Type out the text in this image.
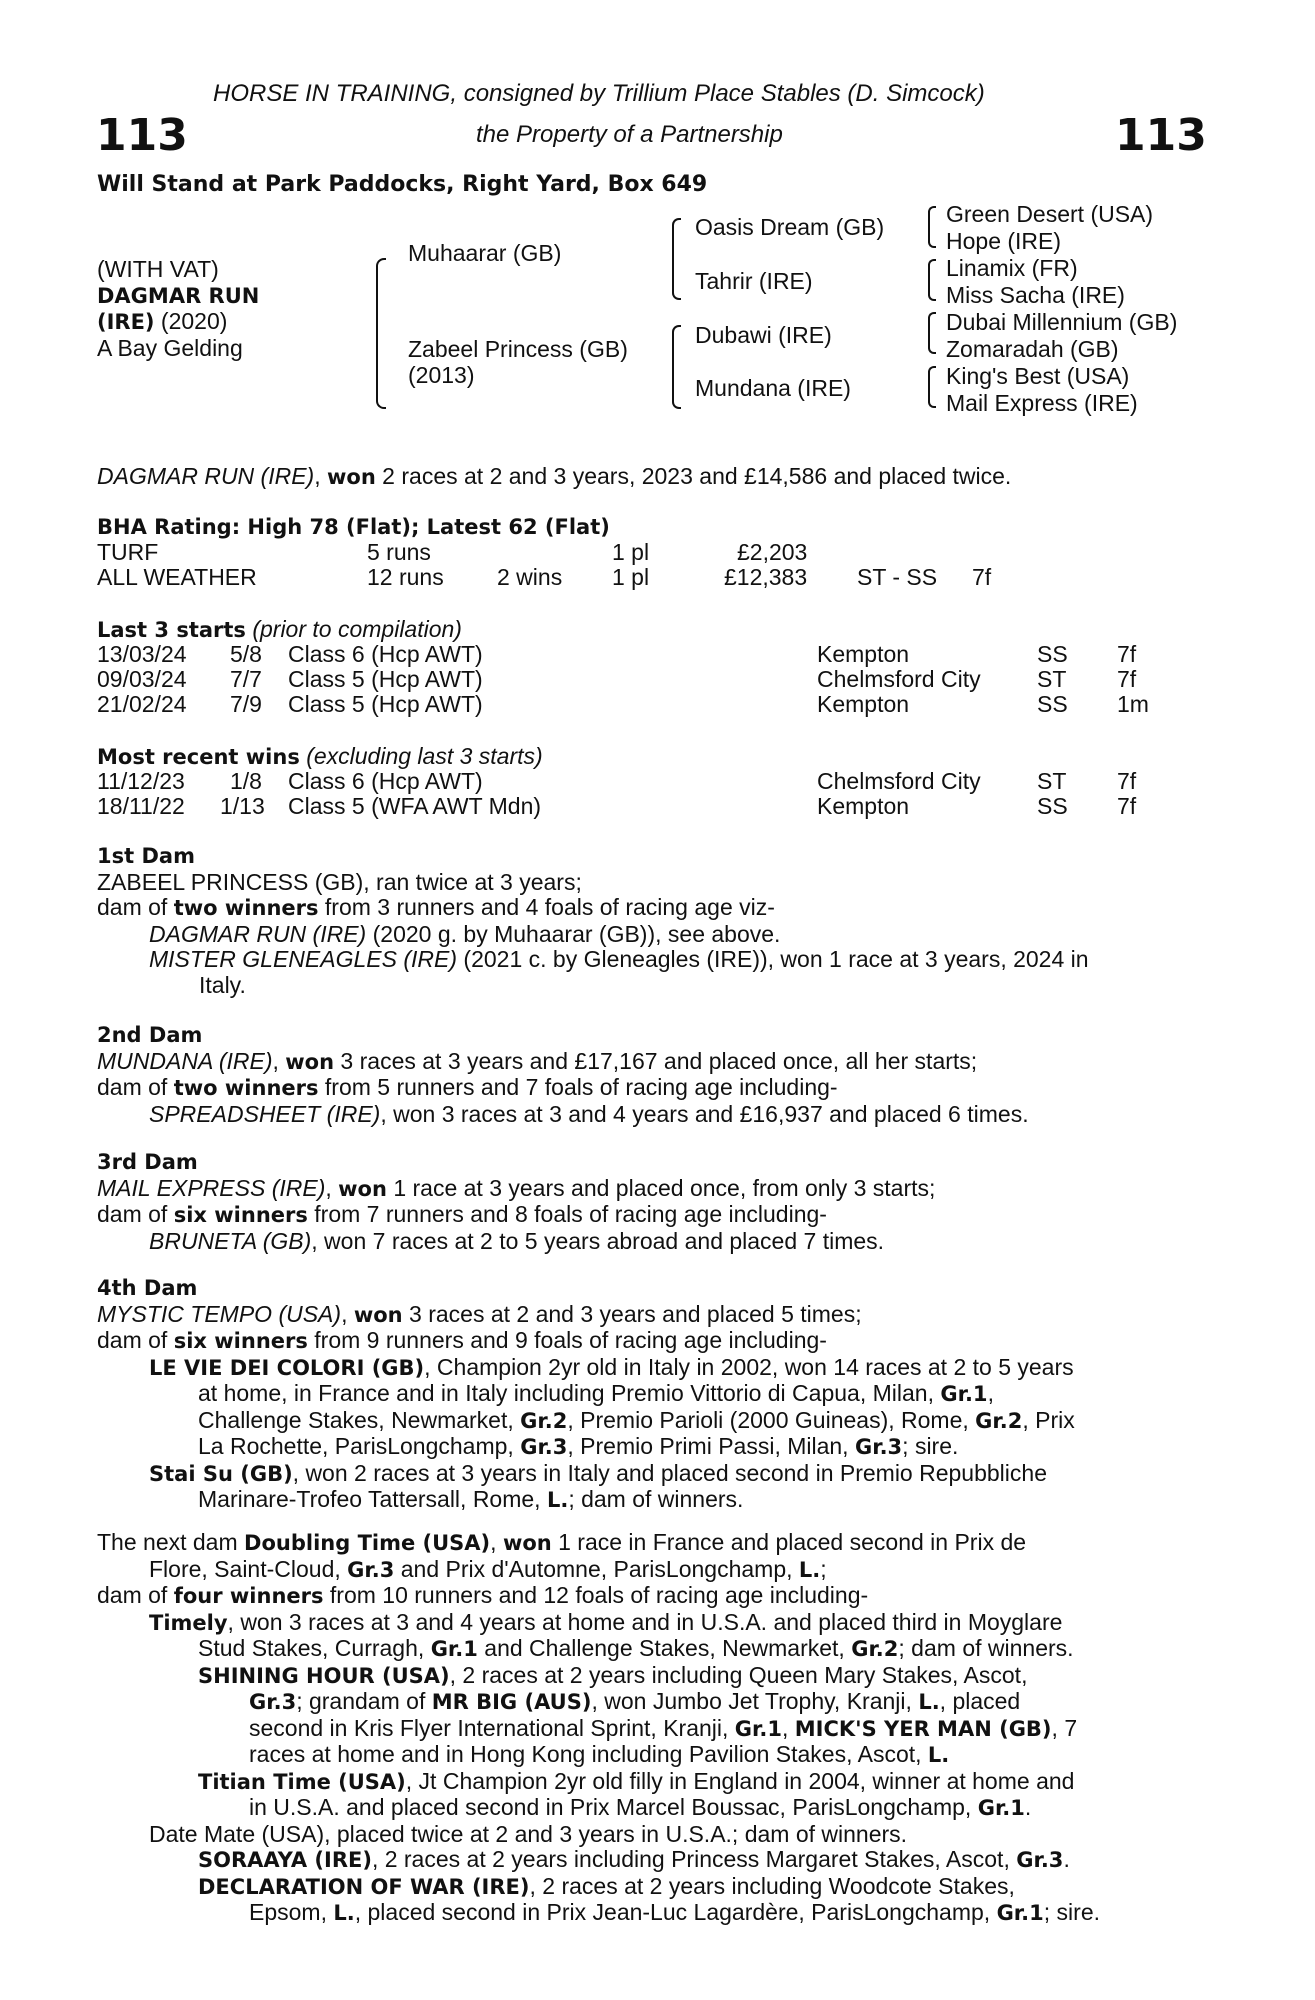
HORSE IN TRAINING, consigned by Trillium Place Stables (D. Simcock)
113	the Property of a Partnership	113
Will Stand at Park Paddocks, Right Yard, Box 649
(WITH VAT)
DAGMAR RUN
(IRE) (2020)
A Bay Gelding
Muhaarar (GB)
Zabeel Princess (GB)
(2013)
Oasis Dream (GB)
Tahrir (IRE)
Dubawi (IRE)
Mundana (IRE)
Green Desert (USA)
Hope (IRE)
Linamix (FR)
Miss Sacha (IRE)
Dubai Millennium (GB)
Zomaradah (GB)
King's Best (USA)
Mail Express (IRE)
DAGMAR RUN (IRE), won 2 races at 2 and 3 years, 2023 and £14,586 and placed twice.
BHA Rating: High 78 (Flat); Latest 62 (Flat)
TURF	5 runs	1 pl	£2,203
ALL WEATHER	12 runs 2 wins 1 pl	£12,383 ST - SS 7f
Last 3 starts (prior to compilation)
13/03/24 5/8 Class 6 (Hcp AWT)	Kempton	SS 7f
09/03/24 7/7 Class 5 (Hcp AWT)	Chelmsford City ST 7f
21/02/24 7/9 Class 5 (Hcp AWT)	Kempton	SS 1m
Most recent wins (excluding last 3 starts)
11/12/23 1/8 Class 6 (Hcp AWT)	Chelmsford City ST 7f
18/11/22 1/13 Class 5 (WFA AWT Mdn)	Kempton	SS 7f

1st Dam

ZABEEL PRINCESS (GB), ran twice at 3 years;

dam of two winners from 3 runners and 4 foals of racing age viz-

DAGMAR RUN (IRE) (2020 g. by Muhaarar (GB)), see above.

MISTER GLENEAGLES (IRE) (2021 c. by Gleneagles (IRE)), won 1 race at 3 years, 2024 in

Italy.

2nd Dam

MUNDANA (IRE), won 3 races at 3 years and £17,167 and placed once, all her starts;

dam of two winners from 5 runners and 7 foals of racing age including-

SPREADSHEET (IRE), won 3 races at 3 and 4 years and £16,937 and placed 6 times.

3rd Dam

MAIL EXPRESS (IRE), won 1 race at 3 years and placed once, from only 3 starts;

dam of six winners from 7 runners and 8 foals of racing age including-

BRUNETA (GB), won 7 races at 2 to 5 years abroad and placed 7 times.

4th Dam

MYSTIC TEMPO (USA), won 3 races at 2 and 3 years and placed 5 times;

dam of six winners from 9 runners and 9 foals of racing age including-

LE VIE DEI COLORI (GB), Champion 2yr old in Italy in 2002, won 14 races at 2 to 5 years

at home, in France and in Italy including Premio Vittorio di Capua, Milan, Gr.1,

Challenge Stakes, Newmarket, Gr.2, Premio Parioli (2000 Guineas), Rome, Gr.2, Prix

La Rochette, ParisLongchamp, Gr.3, Premio Primi Passi, Milan, Gr.3; sire.

Stai Su (GB), won 2 races at 3 years in Italy and placed second in Premio Repubbliche

Marinare-Trofeo Tattersall, Rome, L.; dam of winners.

The next dam Doubling Time (USA), won 1 race in France and placed second in Prix de

Flore, Saint-Cloud, Gr.3 and Prix d'Automne, ParisLongchamp, L.;

dam of four winners from 10 runners and 12 foals of racing age including-

Timely, won 3 races at 3 and 4 years at home and in U.S.A. and placed third in Moyglare

Stud Stakes, Curragh, Gr.1 and Challenge Stakes, Newmarket, Gr.2; dam of winners.

SHINING HOUR (USA), 2 races at 2 years including Queen Mary Stakes, Ascot,

Gr.3; grandam of MR BIG (AUS), won Jumbo Jet Trophy, Kranji, L., placed

second in Kris Flyer International Sprint, Kranji, Gr.1, MICK'S YER MAN (GB), 7

races at home and in Hong Kong including Pavilion Stakes, Ascot, L.

Titian Time (USA), Jt Champion 2yr old filly in England in 2004, winner at home and

in U.S.A. and placed second in Prix Marcel Boussac, ParisLongchamp, Gr.1.

Date Mate (USA), placed twice at 2 and 3 years in U.S.A.; dam of winners.

SORAAYA (IRE), 2 races at 2 years including Princess Margaret Stakes, Ascot, Gr.3.

DECLARATION OF WAR (IRE), 2 races at 2 years including Woodcote Stakes,

Epsom, L., placed second in Prix Jean-Luc Lagardère, ParisLongchamp, Gr.1; sire.
